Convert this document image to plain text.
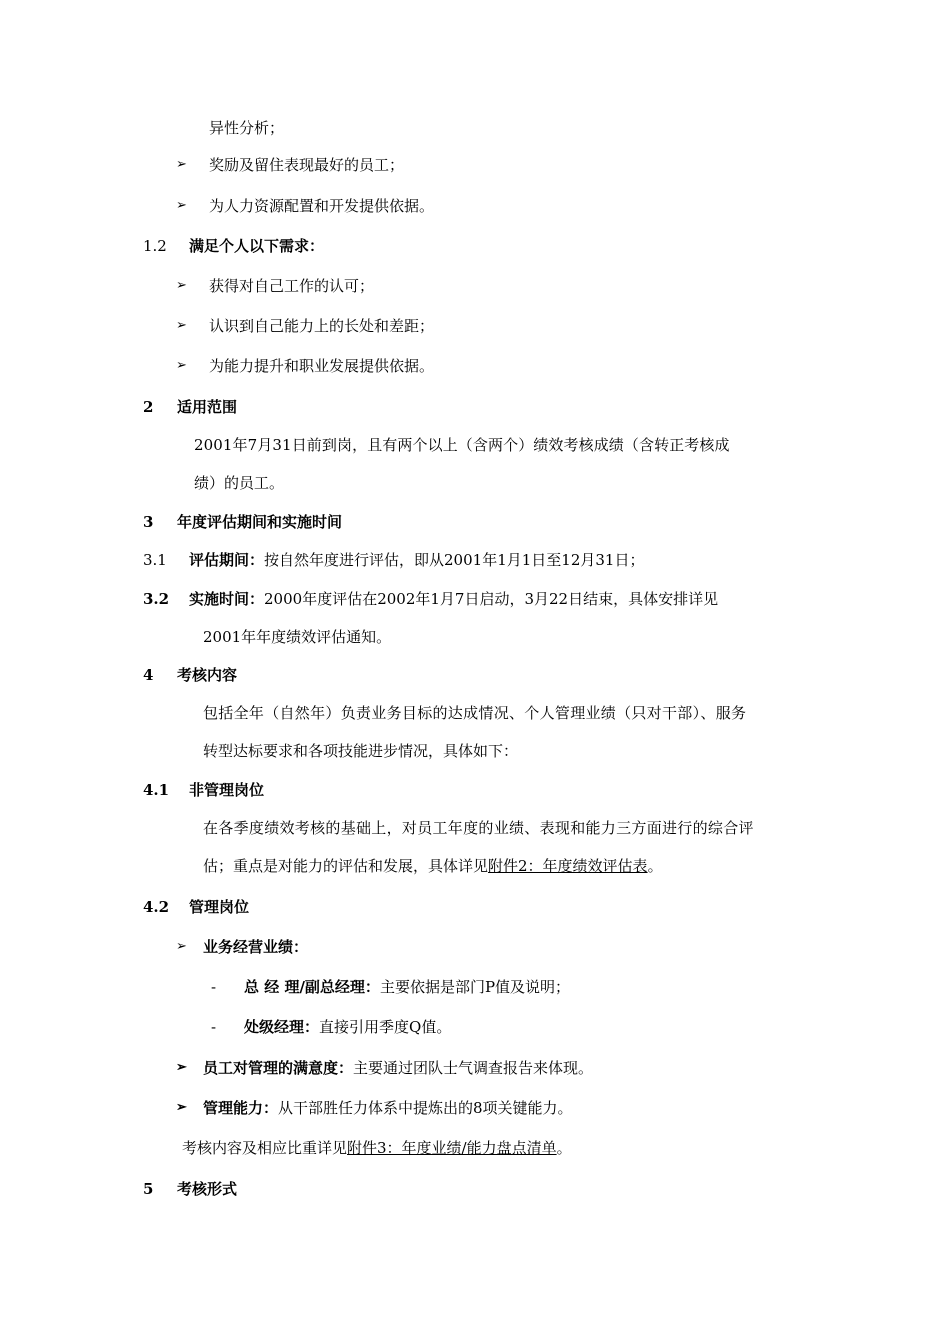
异性分析；
➢ 奖励及留住表现最好的员工；
➢ 为人力资源配置和开发提供依据。
1.2 满足个人以下需求：
➢ 获得对自己工作的认可；
➢ 认识到自己能力上的长处和差距；
➢ 为能力提升和职业发展提供依据。
2 适用范围
2001年7月31日前到岗，且有两个以上（含两个）绩效考核成绩（含转正考核成
绩）的员工。
3 年度评估期间和实施时间
3.1 评估期间：按自然年度进行评估，即从2001年1月1日至12月31日；
3.2 实施时间：2000年度评估在2002年1月7日启动，3月22日结束，具体安排详见
2001年年度绩效评估通知。
4 考核内容
包括全年（自然年）负责业务目标的达成情况、个人管理业绩（只对干部）、服务
转型达标要求和各项技能进步情况，具体如下：
4.1 非管理岗位
在各季度绩效考核的基础上，对员工年度的业绩、表现和能力三方面进行的综合评
估；重点是对能力的评估和发展，具体详见附件2：年度绩效评估表。
4.2 管理岗位
➢ 业务经营业绩：
- 总 经 理/副总经理：主要依据是部门P值及说明；
- 处级经理：直接引用季度Q值。
➢ 员工对管理的满意度：主要通过团队士气调查报告来体现。
➢ 管理能力：从干部胜任力体系中提炼出的8项关键能力。
考核内容及相应比重详见附件3：年度业绩/能力盘点清单。
5 考核形式
